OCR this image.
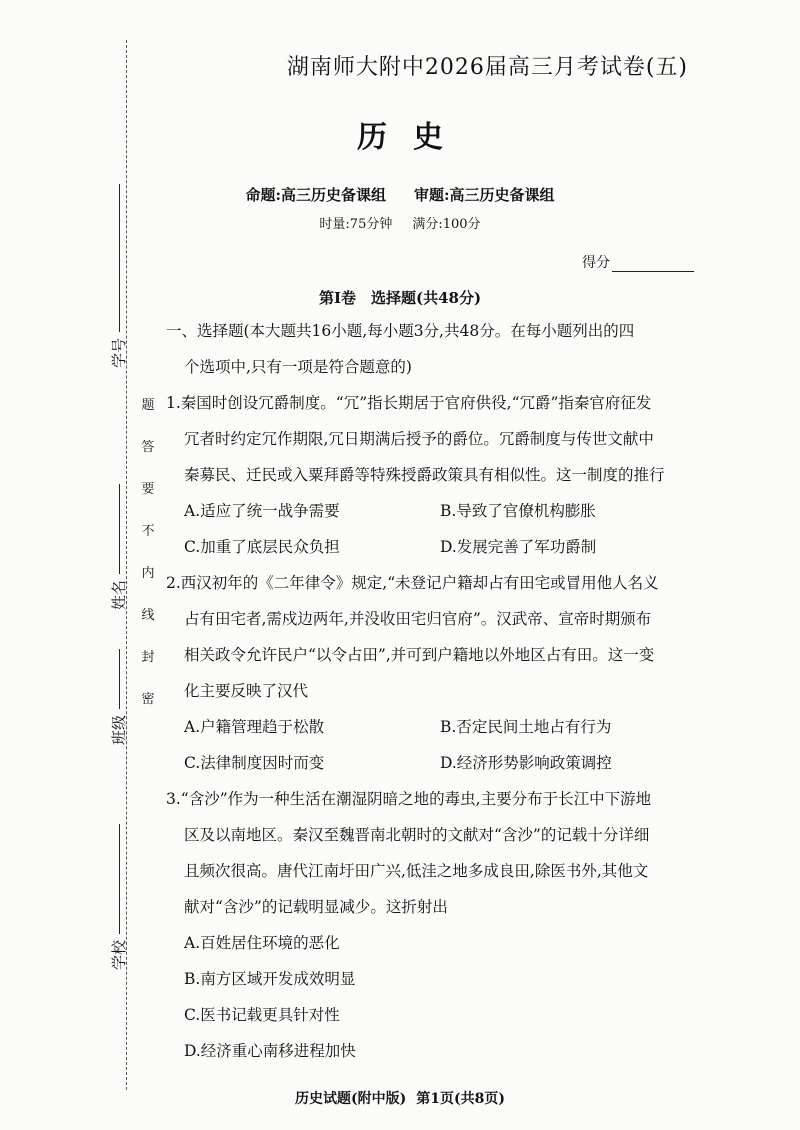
学号
姓名
班级
学校
题
答
要
不
内
线
封
密
湖南师大附中2026届高三月考试卷(五)
历史
命题:高三历史备课组 审题:高三历史备课组
时量:75分钟 满分:100分
得分
第Ⅰ卷　选择题(共48分)
一、选择题(本大题共16小题,每小题3分,共48分。在每小题列出的四
个选项中,只有一项是符合题意的)
1.秦国时创设冗爵制度。“冗”指长期居于官府供役,“冗爵”指秦官府征发
冗者时约定冗作期限,冗日期满后授予的爵位。冗爵制度与传世文献中
秦募民、迁民或入粟拜爵等特殊授爵政策具有相似性。这一制度的推行
A.适应了统一战争需要	B.导致了官僚机构膨胀
C.加重了底层民众负担	D.发展完善了军功爵制
2.西汉初年的《二年律令》规定,“未登记户籍却占有田宅或冒用他人名义
占有田宅者,需戍边两年,并没收田宅归官府”。汉武帝、宣帝时期颁布
相关政令允许民户“以令占田”,并可到户籍地以外地区占有田。这一变
化主要反映了汉代
A.户籍管理趋于松散	B.否定民间土地占有行为
C.法律制度因时而变	D.经济形势影响政策调控
3.“含沙”作为一种生活在潮湿阴暗之地的毒虫,主要分布于长江中下游地
区及以南地区。秦汉至魏晋南北朝时的文献对“含沙”的记载十分详细
且频次很高。唐代江南圩田广兴,低洼之地多成良田,除医书外,其他文
献对“含沙”的记载明显减少。这折射出
A.百姓居住环境的恶化
B.南方区域开发成效明显
C.医书记载更具针对性
D.经济重心南移进程加快
历史试题(附中版) 第1页(共8页)
